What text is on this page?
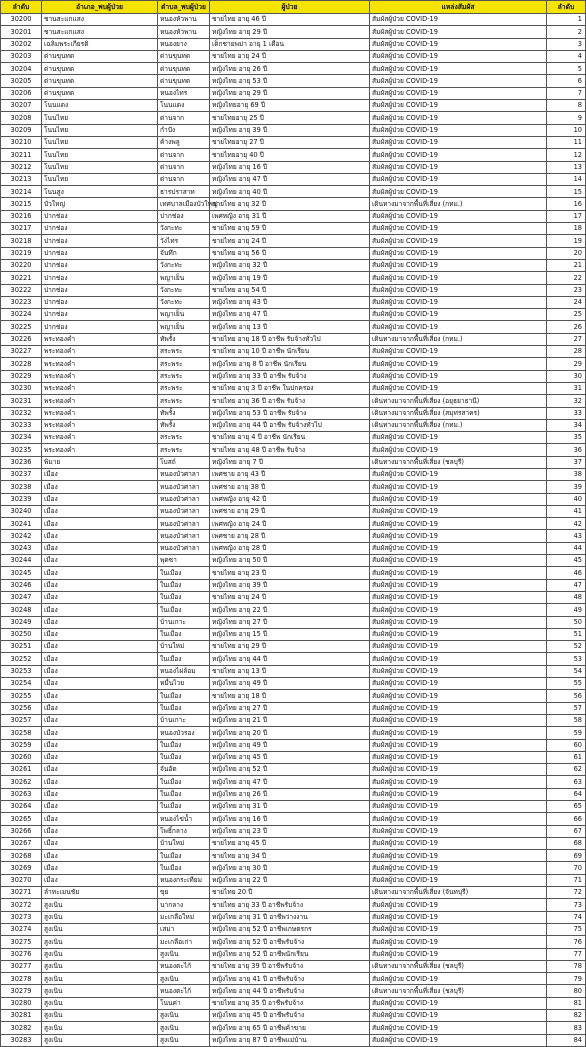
ลำดับ	อำเภอ_พบผู้ป่วย	ตำบล_พบผู้ป่วย	ผู้ป่วย	แหล่งสัมผัส	ลำดับ
30200	ชานสะแกแสง	หนองหัวพาน	ชายไทย อายุ 46 ปี	สัมผัสผู้ป่วย COVID-19	1
30201	ชานสะแกแสง	หนองหัวพาน	หญิงไทย อายุ 29 ปี	สัมผัสผู้ป่วย COVID-19	2
30202	เฉลิมพระเกียรติ	หนองยาง	เด็กชายพม่า อายุ 1 เดือน	สัมผัสผู้ป่วย COVID-19	3
30203	ด่านขุนทด	ด่านขุนทด	ชายไทย อายุ 24 ปี	สัมผัสผู้ป่วย COVID-19	4
30204	ด่านขุนทด	ด่านขุนทด	หญิงไทย อายุ 26 ปี	สัมผัสผู้ป่วย COVID-19	5
30205	ด่านขุนทด	ด่านขุนทด	หญิงไทย อายุ 53 ปี	สัมผัสผู้ป่วย COVID-19	6
30206	ด่านขุนทด	หนองไทร	หญิงไทย อายุ 29 ปี	สัมผัสผู้ป่วย COVID-19	7
30207	โนนแดง	โนนแดง	หญิงไทยอายุ 69 ปี	สัมผัสผู้ป่วย COVID-19	8
30208	โนนไทย	ด่านจาก	ชายไทยอายุ 25 ปี	สัมผัสผู้ป่วย COVID-19	9
30209	โนนไทย	กำปัง	หญิงไทย อายุ 39 ปี	สัมผัสผู้ป่วย COVID-19	10
30210	โนนไทย	ค้างพลู	ชายไทยอายุ 27 ปี	สัมผัสผู้ป่วย COVID-19	11
30211	โนนไทย	ด่านจาก	ชายไทยอายุ 40 ปี	สัมผัสผู้ป่วย COVID-19	12
30212	โนนไทย	ด่านจาก	หญิงไทย อายุ 16 ปี	สัมผัสผู้ป่วย COVID-19	13
30213	โนนไทย	ด่านจาก	หญิงไทย อายุ 47 ปี	สัมผัสผู้ป่วย COVID-19	14
30214	โนนสูง	ธารปราสาท	หญิงไทย อายุ 40 ปี	สัมผัสผู้ป่วย COVID-19	15
30215	บัวใหญ่	เทศบาลเมืองบัวใหญ่	ชายไทย อายุ 32 ปี	เดินทางมาจากพื้นที่เสี่ยง (กทม.)	16
30216	ปากช่อง	ปากช่อง	เพศหญิง อายุ 31 ปี	สัมผัสผู้ป่วย COVID-19	17
30217	ปากช่อง	วังกะทะ	ชายไทย อายุ 59 ปี	สัมผัสผู้ป่วย COVID-19	18
30218	ปากช่อง	วังไทร	ชายไทย อายุ 24 ปี	สัมผัสผู้ป่วย COVID-19	19
30219	ปากช่อง	จันทึก	ชายไทย อายุ 56 ปี	สัมผัสผู้ป่วย COVID-19	20
30220	ปากช่อง	วังกะทะ	หญิงไทย อายุ 32 ปี	สัมผัสผู้ป่วย COVID-19	21
30221	ปากช่อง	พญาเย็น	หญิงไทย อายุ 19 ปี	สัมผัสผู้ป่วย COVID-19	22
30222	ปากช่อง	วังกะทะ	ชายไทย อายุ 54 ปี	สัมผัสผู้ป่วย COVID-19	23
30223	ปากช่อง	วังกะทะ	หญิงไทย อายุ 43 ปี	สัมผัสผู้ป่วย COVID-19	24
30224	ปากช่อง	พญาเย็น	หญิงไทย อายุ 47 ปี	สัมผัสผู้ป่วย COVID-19	25
30225	ปากช่อง	พญาเย็น	หญิงไทย อายุ 13 ปี	สัมผัสผู้ป่วย COVID-19	26
30226	พระทองคำ	ทัพรั้ง	ชายไทย อายุ 18 ปี อาชีพ รับจ้างทั่วไป	เดินทางมาจากพื้นที่เสี่ยง (กทม.)	27
30227	พระทองคำ	สระพระ	ชายไทย อายุ 10 ปี อาชีพ นักเรียน	สัมผัสผู้ป่วย COVID-19	28
30228	พระทองคำ	สระพระ	หญิงไทย อายุ 8 ปี อาชีพ นักเรียน	สัมผัสผู้ป่วย COVID-19	29
30229	พระทองคำ	สระพระ	หญิงไทย อายุ 33 ปี อาชีพ รับจ้าง	สัมผัสผู้ป่วย COVID-19	30
30230	พระทองคำ	สระพระ	ชายไทย อายุ 3 ปี อาชีพ ในปกครอง	สัมผัสผู้ป่วย COVID-19	31
30231	พระทองคำ	สระพระ	ชายไทย อายุ 36 ปี อาชีพ รับจ้าง	เดินทางมาจากพื้นที่เสี่ยง (อยุธยาธานี)	32
30232	พระทองคำ	ทัพรั้ง	หญิงไทย อายุ 53 ปี อาชีพ รับจ้าง	เดินทางมาจากพื้นที่เสี่ยง (สมุทรสาคร)	33
30233	พระทองคำ	ทัพรั้ง	หญิงไทย อายุ 44 ปี อาชีพ รับจ้างทั่วไป	เดินทางมาจากพื้นที่เสี่ยง (กทม.)	34
30234	พระทองคำ	สระพระ	ชายไทย อายุ 4 ปี อาชีพ นักเรียน	สัมผัสผู้ป่วย COVID-19	35
30235	พระทองคำ	สระพระ	ชายไทย อายุ 48 ปี อาชีพ รับจ้าง	สัมผัสผู้ป่วย COVID-19	36
30236	พิมาย	โบสถ์	หญิงไทย อายุ 7 ปี	เดินทางมาจากพื้นที่เสี่ยง (ชลบุรี)	37
30237	เมือง	หนองบัวศาลา	เพศชาย อายุ 43 ปี	สัมผัสผู้ป่วย COVID-19	38
30238	เมือง	หนองบัวศาลา	เพศชาย อายุ 38 ปี	สัมผัสผู้ป่วย COVID-19	39
30239	เมือง	หนองบัวศาลา	เพศหญิง อายุ 42 ปี	สัมผัสผู้ป่วย COVID-19	40
30240	เมือง	หนองบัวศาลา	เพศชาย อายุ 29 ปี	สัมผัสผู้ป่วย COVID-19	41
30241	เมือง	หนองบัวศาลา	เพศหญิง อายุ 24 ปี	สัมผัสผู้ป่วย COVID-19	42
30242	เมือง	หนองบัวศาลา	เพศชาย อายุ 28 ปี	สัมผัสผู้ป่วย COVID-19	43
30243	เมือง	หนองบัวศาลา	เพศหญิง อายุ 28 ปี	สัมผัสผู้ป่วย COVID-19	44
30244	เมือง	พุดซา	หญิงไทย อายุ 50 ปี	สัมผัสผู้ป่วย COVID-19	45
30245	เมือง	ในเมือง	ชายไทย อายุ 23 ปี	สัมผัสผู้ป่วย COVID-19	46
30246	เมือง	ในเมือง	หญิงไทย อายุ 39 ปี	สัมผัสผู้ป่วย COVID-19	47
30247	เมือง	ในเมือง	ชายไทย อายุ 24 ปี	สัมผัสผู้ป่วย COVID-19	48
30248	เมือง	ในเมือง	หญิงไทย อายุ 22 ปี	สัมผัสผู้ป่วย COVID-19	49
30249	เมือง	บ้านเกาะ	หญิงไทย อายุ 27 ปี	สัมผัสผู้ป่วย COVID-19	50
30250	เมือง	ในเมือง	หญิงไทย อายุ 15 ปี	สัมผัสผู้ป่วย COVID-19	51
30251	เมือง	บ้านใหม่	ชายไทย อายุ 29 ปี	สัมผัสผู้ป่วย COVID-19	52
30252	เมือง	ในเมือง	หญิงไทย อายุ 44 ปี	สัมผัสผู้ป่วย COVID-19	53
30253	เมือง	หนองไผ่ล้อม	ชายไทย อายุ 13 ปี	สัมผัสผู้ป่วย COVID-19	54
30254	เมือง	หมื่นไวย	หญิงไทย อายุ 49 ปี	สัมผัสผู้ป่วย COVID-19	55
30255	เมือง	ในเมือง	ชายไทย อายุ 18 ปี	สัมผัสผู้ป่วย COVID-19	56
30256	เมือง	ในเมือง	หญิงไทย อายุ 27 ปี	สัมผัสผู้ป่วย COVID-19	57
30257	เมือง	บ้านเกาะ	หญิงไทย อายุ 21 ปี	สัมผัสผู้ป่วย COVID-19	58
30258	เมือง	หนองบัวรอง	หญิงไทย อายุ 20 ปี	สัมผัสผู้ป่วย COVID-19	59
30259	เมือง	ในเมือง	หญิงไทย อายุ 49 ปี	สัมผัสผู้ป่วย COVID-19	60
30260	เมือง	ในเมือง	หญิงไทย อายุ 45 ปี	สัมผัสผู้ป่วย COVID-19	61
30261	เมือง	จันอัด	หญิงไทย อายุ 52 ปี	สัมผัสผู้ป่วย COVID-19	62
30262	เมือง	ในเมือง	หญิงไทย อายุ 47 ปี	สัมผัสผู้ป่วย COVID-19	63
30263	เมือง	ในเมือง	หญิงไทย อายุ 26 ปี	สัมผัสผู้ป่วย COVID-19	64
30264	เมือง	ในเมือง	หญิงไทย อายุ 31 ปี	สัมผัสผู้ป่วย COVID-19	65
30265	เมือง	หนองไข่น้ำ	หญิงไทย อายุ 16 ปี	สัมผัสผู้ป่วย COVID-19	66
30266	เมือง	โพธิ์กลาง	หญิงไทย อายุ 23 ปี	สัมผัสผู้ป่วย COVID-19	67
30267	เมือง	บ้านใหม่	ชายไทย อายุ 45 ปี	สัมผัสผู้ป่วย COVID-19	68
30268	เมือง	ในเมือง	ชายไทย อายุ 34 ปี	สัมผัสผู้ป่วย COVID-19	69
30269	เมือง	ในเมือง	หญิงไทย อายุ 30 ปี	สัมผัสผู้ป่วย COVID-19	70
30270	เมือง	หนองกระเทียม	หญิงไทย อายุ 22 ปี	สัมผัสผู้ป่วย COVID-19	71
30271	ลำทะเมนชัย	ขุย	ชายไทย 20 ปี	เดินทางมาจากพื้นที่เสี่ยง (จันทบุรี)	72
30272	สูงเนิน	นากลาง	ชายไทย อายุ 33 ปี อาชีพรับจ้าง	สัมผัสผู้ป่วย COVID-19	73
30273	สูงเนิน	มะเกลือใหม่	หญิงไทย อายุ 31 ปี อาชีพว่างงาน	สัมผัสผู้ป่วย COVID-19	74
30274	สูงเนิน	เสมา	หญิงไทย อายุ 52 ปี อาชีพเกษตรกร	สัมผัสผู้ป่วย COVID-19	75
30275	สูงเนิน	มะเกลือเก่า	หญิงไทย อายุ 52 ปี อาชีพรับจ้าง	สัมผัสผู้ป่วย COVID-19	76
30276	สูงเนิน	สูงเนิน	หญิงไทย อายุ 52 ปี อาชีพนักเรียน	สัมผัสผู้ป่วย COVID-19	77
30277	สูงเนิน	หนองตะไก้	ชายไทย อายุ 39 ปี อาชีพรับจ้าง	เดินทางมาจากพื้นที่เสี่ยง (ชลบุรี)	78
30278	สูงเนิน	สูงเนิน	หญิงไทย อายุ 41 ปี อาชีพรับจ้าง	สัมผัสผู้ป่วย COVID-19	79
30279	สูงเนิน	หนองตะไก้	หญิงไทย อายุ 44 ปี อาชีพรับจ้าง	เดินทางมาจากพื้นที่เสี่ยง (ชลบุรี)	80
30280	สูงเนิน	โนนค่า	ชายไทย อายุ 35 ปี อาชีพรับจ้าง	สัมผัสผู้ป่วย COVID-19	81
30281	สูงเนิน	สูงเนิน	หญิงไทย อายุ 45 ปี อาชีพรับจ้าง	สัมผัสผู้ป่วย COVID-19	82
30282	สูงเนิน	สูงเนิน	หญิงไทย อายุ 65 ปี อาชีพค้าขาย	สัมผัสผู้ป่วย COVID-19	83
30283	สูงเนิน	สูงเนิน	หญิงไทย อายุ 87 ปี อาชีพแม่บ้าน	สัมผัสผู้ป่วย COVID-19	84
